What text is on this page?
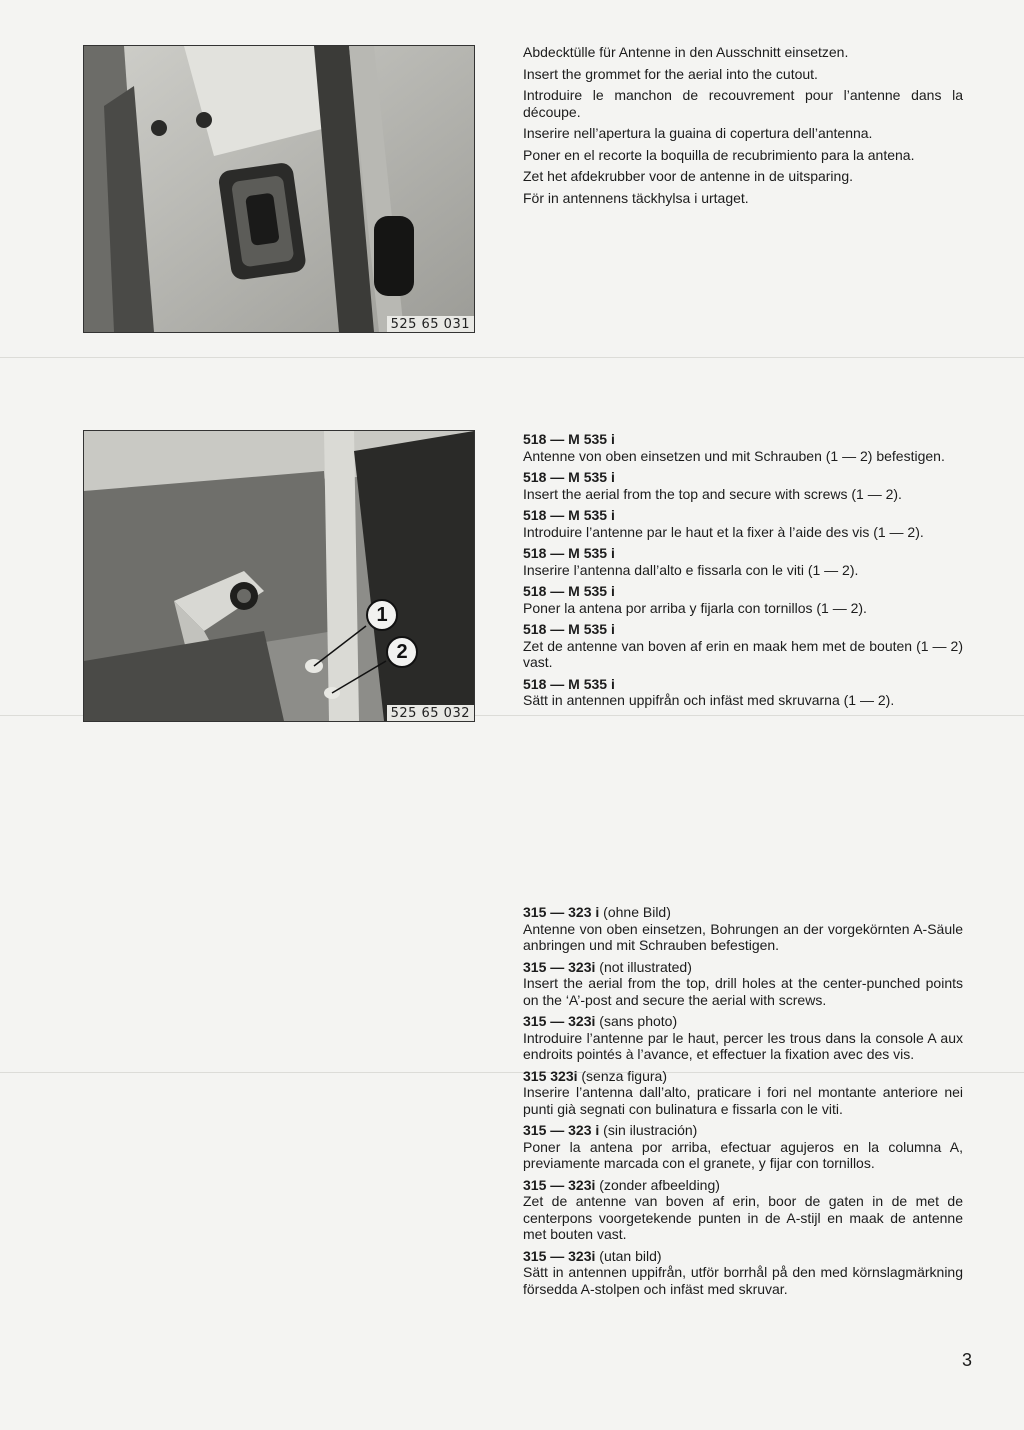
525 65 031

Abdecktülle für Antenne in den Ausschnitt einsetzen.

Insert the grommet for the aerial into the cutout.

Introduire le manchon de recouvrement pour l’antenne dans la découpe.

Inserire nell’apertura la guaina di copertura dell’antenna.

Poner en el recorte la boquilla de recubrimiento para la antena.

Zet het afdekrubber voor de antenne in de uitsparing.

För in antennens täckhylsa i urtaget.

1
2
525 65 032

518 — M 535 i
Antenne von oben einsetzen und mit Schrauben (1 — 2) befestigen.

518 — M 535 i
Insert the aerial from the top and secure with screws (1 — 2).

518 — M 535 i
Introduire l’antenne par le haut et la fixer à l’aide des vis (1 — 2).

518 — M 535 i
Inserire l’antenna dall’alto e fissarla con le viti (1 — 2).

518 — M 535 i
Poner la antena por arriba y fijarla con tornillos (1 — 2).

518 — M 535 i
Zet de antenne van boven af erin en maak hem met de bouten (1 — 2) vast.

518 — M 535 i
Sätt in antennen uppifrån och infäst med skruvarna (1 — 2).

315 — 323 i (ohne Bild)
Antenne von oben einsetzen, Bohrungen an der vorgekörnten A-Säule anbringen und mit Schrauben befestigen.

315 — 323i (not illustrated)
Insert the aerial from the top, drill holes at the center-punched points on the ‘A’-post and secure the aerial with screws.

315 — 323i (sans photo)
Introduire l’antenne par le haut, percer les trous dans la console A aux endroits pointés à l’avance, et effectuer la fixation avec des vis.

315 323i (senza figura)
Inserire l’antenna dall’alto, praticare i fori nel montante anteriore nei punti già segnati con bulinatura e fissarla con le viti.

315 — 323 i (sin ilustración)
Poner la antena por arriba, efectuar agujeros en la columna A, previamente marcada con el granete, y fijar con tornillos.

315 — 323i (zonder afbeelding)
Zet de antenne van boven af erin, boor de gaten in de met de centerpons voorgetekende punten in de A-stijl en maak de antenne met bouten vast.

315 — 323i (utan bild)
Sätt in antennen uppifrån, utför borrhål på den med körnslagmärkning försedda A-stolpen och infäst med skruvar.

3
